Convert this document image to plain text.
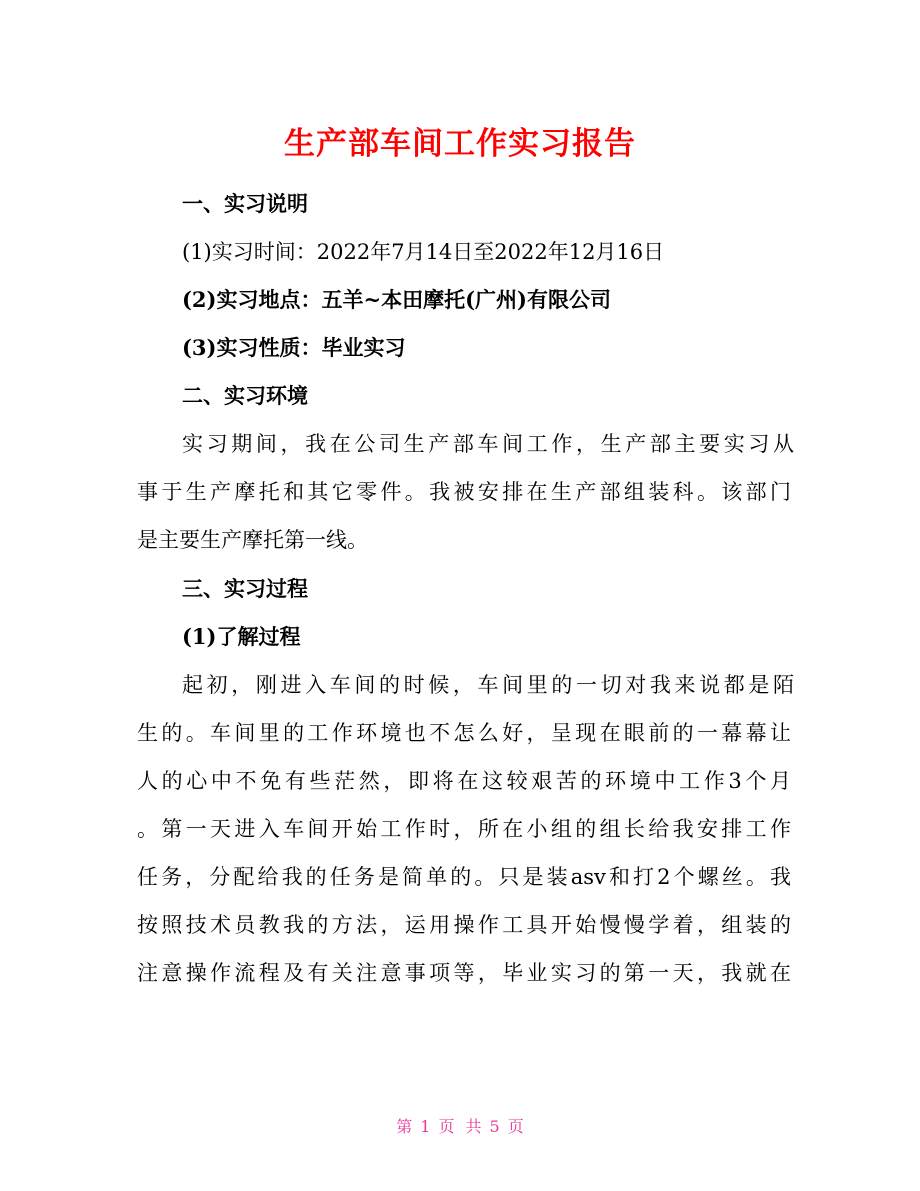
生产部车间工作实习报告
一、实习说明
(1)实习时间：2022年7月14日至2022年12月16日
(2)实习地点：五羊~本田摩托(广州)有限公司
(3)实习性质：毕业实习
二、实习环境
实习期间，我在公司生产部车间工作，生产部主要实习从
事于生产摩托和其它零件。我被安排在生产部组装科。该部门
是主要生产摩托第一线。
三、实习过程
(1)了解过程
起初，刚进入车间的时候，车间里的一切对我来说都是陌
生的。车间里的工作环境也不怎么好，呈现在眼前的一幕幕让
人的心中不免有些茫然，即将在这较艰苦的环境中工作3个月
。第一天进入车间开始工作时，所在小组的组长给我安排工作
任务，分配给我的任务是简单的。只是装asv和打2个螺丝。我
按照技术员教我的方法，运用操作工具开始慢慢学着，组装的
注意操作流程及有关注意事项等，毕业实习的第一天，我就在
第 1 页 共 5 页
